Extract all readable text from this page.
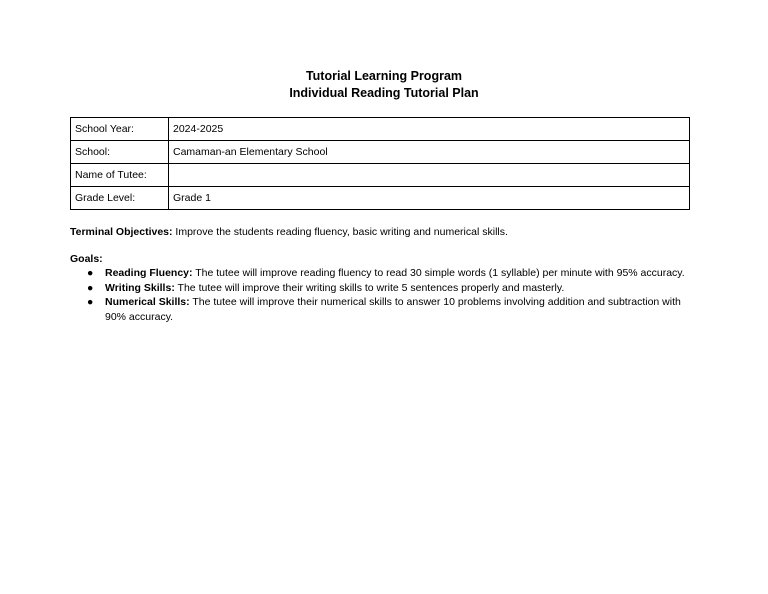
Tutorial Learning Program
Individual Reading Tutorial Plan
School Year:	2024-2025
School:	Camaman-an Elementary School
Name of Tutee:	
Grade Level:	Grade 1
Terminal Objectives: Improve the students reading fluency, basic writing and numerical skills.
Goals:
● Reading Fluency: The tutee will improve reading fluency to read 30 simple words (1 syllable) per minute with 95% accuracy.
● Writing Skills: The tutee will improve their writing skills to write 5 sentences properly and masterly.
● Numerical Skills: The tutee will improve their numerical skills to answer 10 problems involving addition and subtraction with 90% accuracy.
